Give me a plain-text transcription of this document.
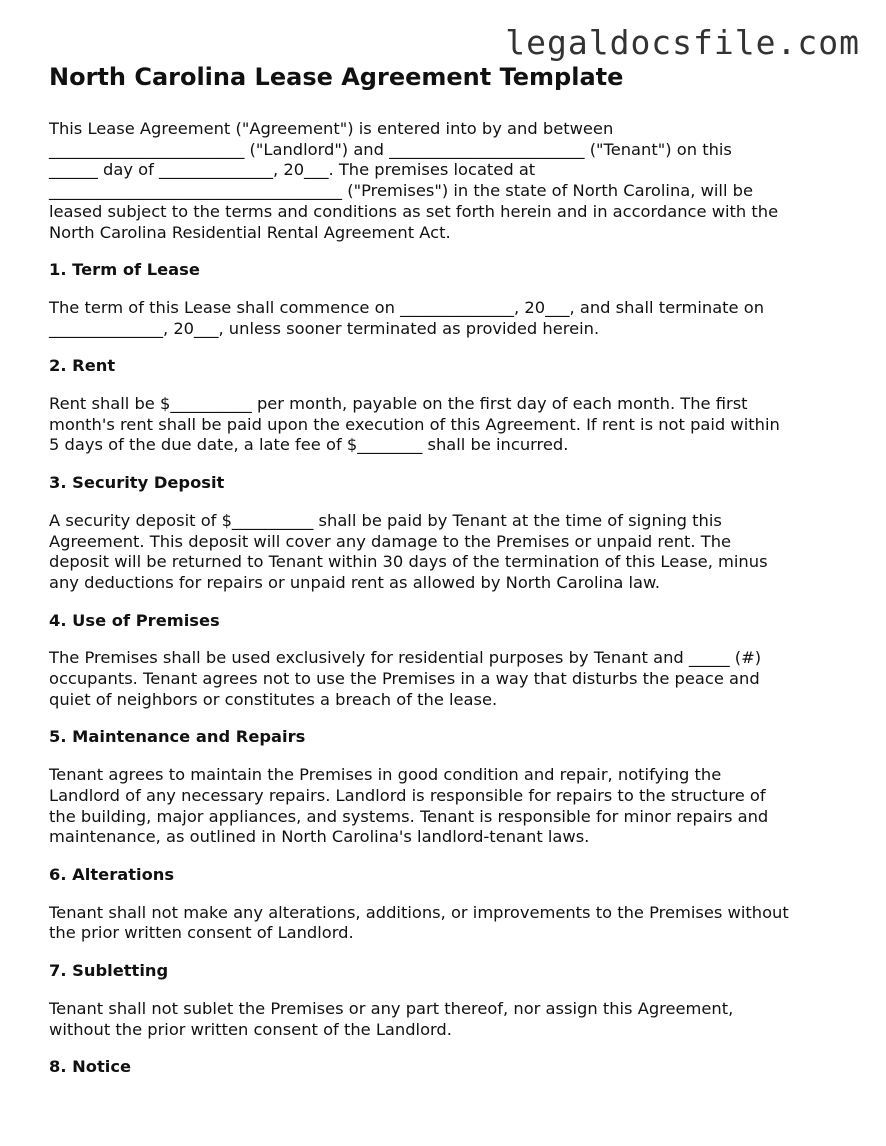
legaldocsfile.com
North Carolina Lease Agreement Template

This Lease Agreement ("Agreement") is entered into by and between
________________________ ("Landlord") and ________________________ ("Tenant") on this
______ day of ______________, 20___. The premises located at
____________________________________ ("Premises") in the state of North Carolina, will be
leased subject to the terms and conditions as set forth herein and in accordance with the
North Carolina Residential Rental Agreement Act.

1. Term of Lease

The term of this Lease shall commence on ______________, 20___, and shall terminate on
______________, 20___, unless sooner terminated as provided herein.

2. Rent

Rent shall be $__________ per month, payable on the first day of each month. The first
month's rent shall be paid upon the execution of this Agreement. If rent is not paid within
5 days of the due date, a late fee of $________ shall be incurred.

3. Security Deposit

A security deposit of $__________ shall be paid by Tenant at the time of signing this
Agreement. This deposit will cover any damage to the Premises or unpaid rent. The
deposit will be returned to Tenant within 30 days of the termination of this Lease, minus
any deductions for repairs or unpaid rent as allowed by North Carolina law.

4. Use of Premises

The Premises shall be used exclusively for residential purposes by Tenant and _____ (#)
occupants. Tenant agrees not to use the Premises in a way that disturbs the peace and
quiet of neighbors or constitutes a breach of the lease.

5. Maintenance and Repairs

Tenant agrees to maintain the Premises in good condition and repair, notifying the
Landlord of any necessary repairs. Landlord is responsible for repairs to the structure of
the building, major appliances, and systems. Tenant is responsible for minor repairs and
maintenance, as outlined in North Carolina's landlord-tenant laws.

6. Alterations

Tenant shall not make any alterations, additions, or improvements to the Premises without
the prior written consent of Landlord.

7. Subletting

Tenant shall not sublet the Premises or any part thereof, nor assign this Agreement,
without the prior written consent of the Landlord.

8. Notice
